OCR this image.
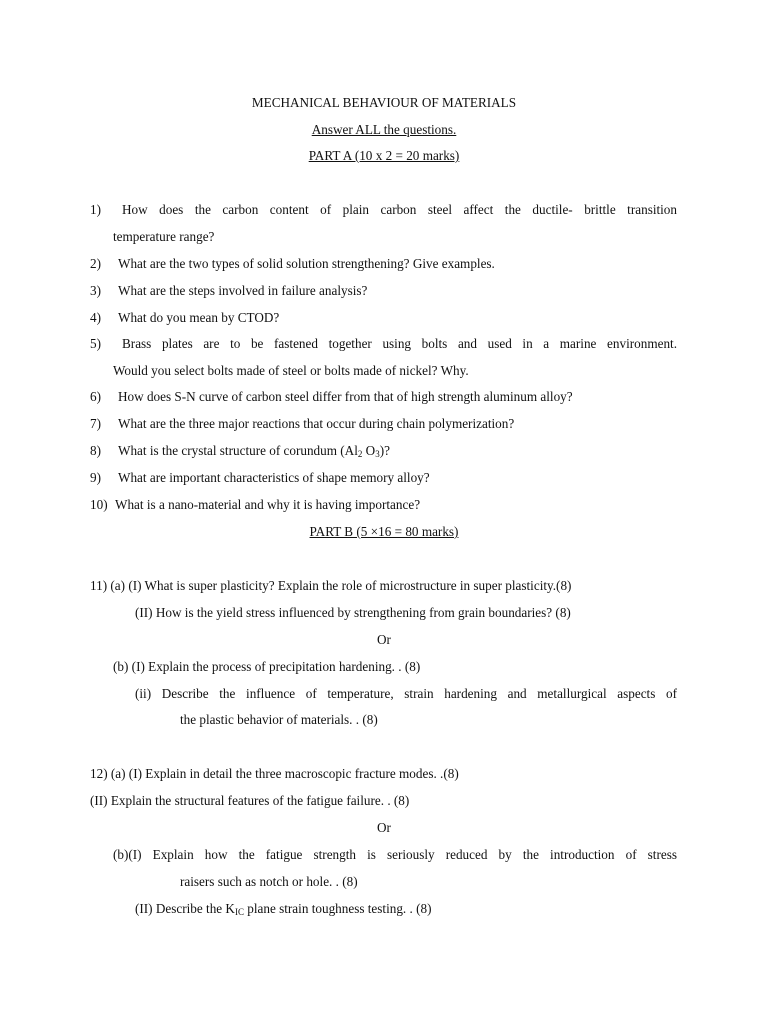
MECHANICAL BEHAVIOUR OF MATERIALS
Answer ALL the questions.
PART A (10 x 2 = 20 marks)
1) How does the carbon content of plain carbon steel affect the ductile- brittle transition
temperature range?
2) What are the two types of solid solution strengthening? Give examples.
3) What are the steps involved in failure analysis?
4) What do you mean by CTOD?
5) Brass plates are to be fastened together using bolts and used in a marine environment.
Would you select bolts made of steel or bolts made of nickel? Why.
6) How does S-N curve of carbon steel differ from that of high strength aluminum alloy?
7) What are the three major reactions that occur during chain polymerization?
8) What is the crystal structure of corundum ($Al_2$ $O_3$)?
9) What are important characteristics of shape memory alloy?
10) What is a nano-material and why it is having importance?
PART B (5 ×16 = 80 marks)
11) (a) (I) What is super plasticity? Explain the role of microstructure in super plasticity.(8)
(II) How is the yield stress influenced by strengthening from grain boundaries? (8)
Or
(b) (I) Explain the process of precipitation hardening. . (8)
(ii) Describe the influence of temperature, strain hardening and metallurgical aspects of
the plastic behavior of materials. . (8)
12) (a) (I) Explain in detail the three macroscopic fracture modes. .(8)
(II) Explain the structural features of the fatigue failure. . (8)
Or
(b)(I) Explain how the fatigue strength is seriously reduced by the introduction of stress
raisers such as notch or hole. . (8)
(II) Describe the $K_{IC}$ plane strain toughness testing. . (8)
